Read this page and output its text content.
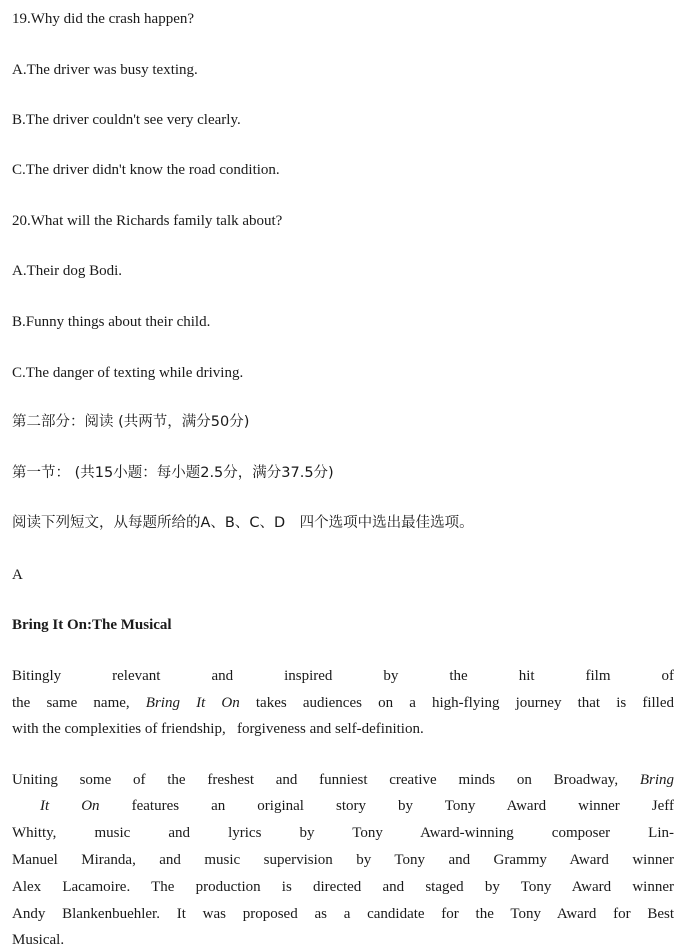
19.Why did the crash happen?
A.The driver was busy texting.
B.The driver couldn't see very clearly.
C.The driver didn't know the road condition.
20.What will the Richards family talk about?
A.Their dog Bodi.
B.Funny things about their child.
C.The danger of texting while driving.
第二部分：阅读 (共两节，满分50分)
第一节： (共15小题：每小题2.5分，满分37.5分)
阅读下列短文，从每题所给的A、B、C、D　四个选项中选出最佳选项。
A
Bring It On:The Musical
Bitingly relevant and inspired by the hit film of
the same name, Bring It On takes audiences on a high-flying journey that is filled
with the complexities of friendship,   forgiveness and self-definition.
Uniting some of the freshest and funniest creative minds on Broadway, Bring
It On features an original story by Tony Award winner Jeff
Whitty, music and lyrics by Tony Award-winning composer Lin-
Manuel Miranda, and music supervision by Tony and Grammy Award winner
Alex Lacamoire. The production is directed and staged by Tony Award winner
Andy Blankenbuehler. It was proposed as a candidate for the Tony Award for Best
Musical.
